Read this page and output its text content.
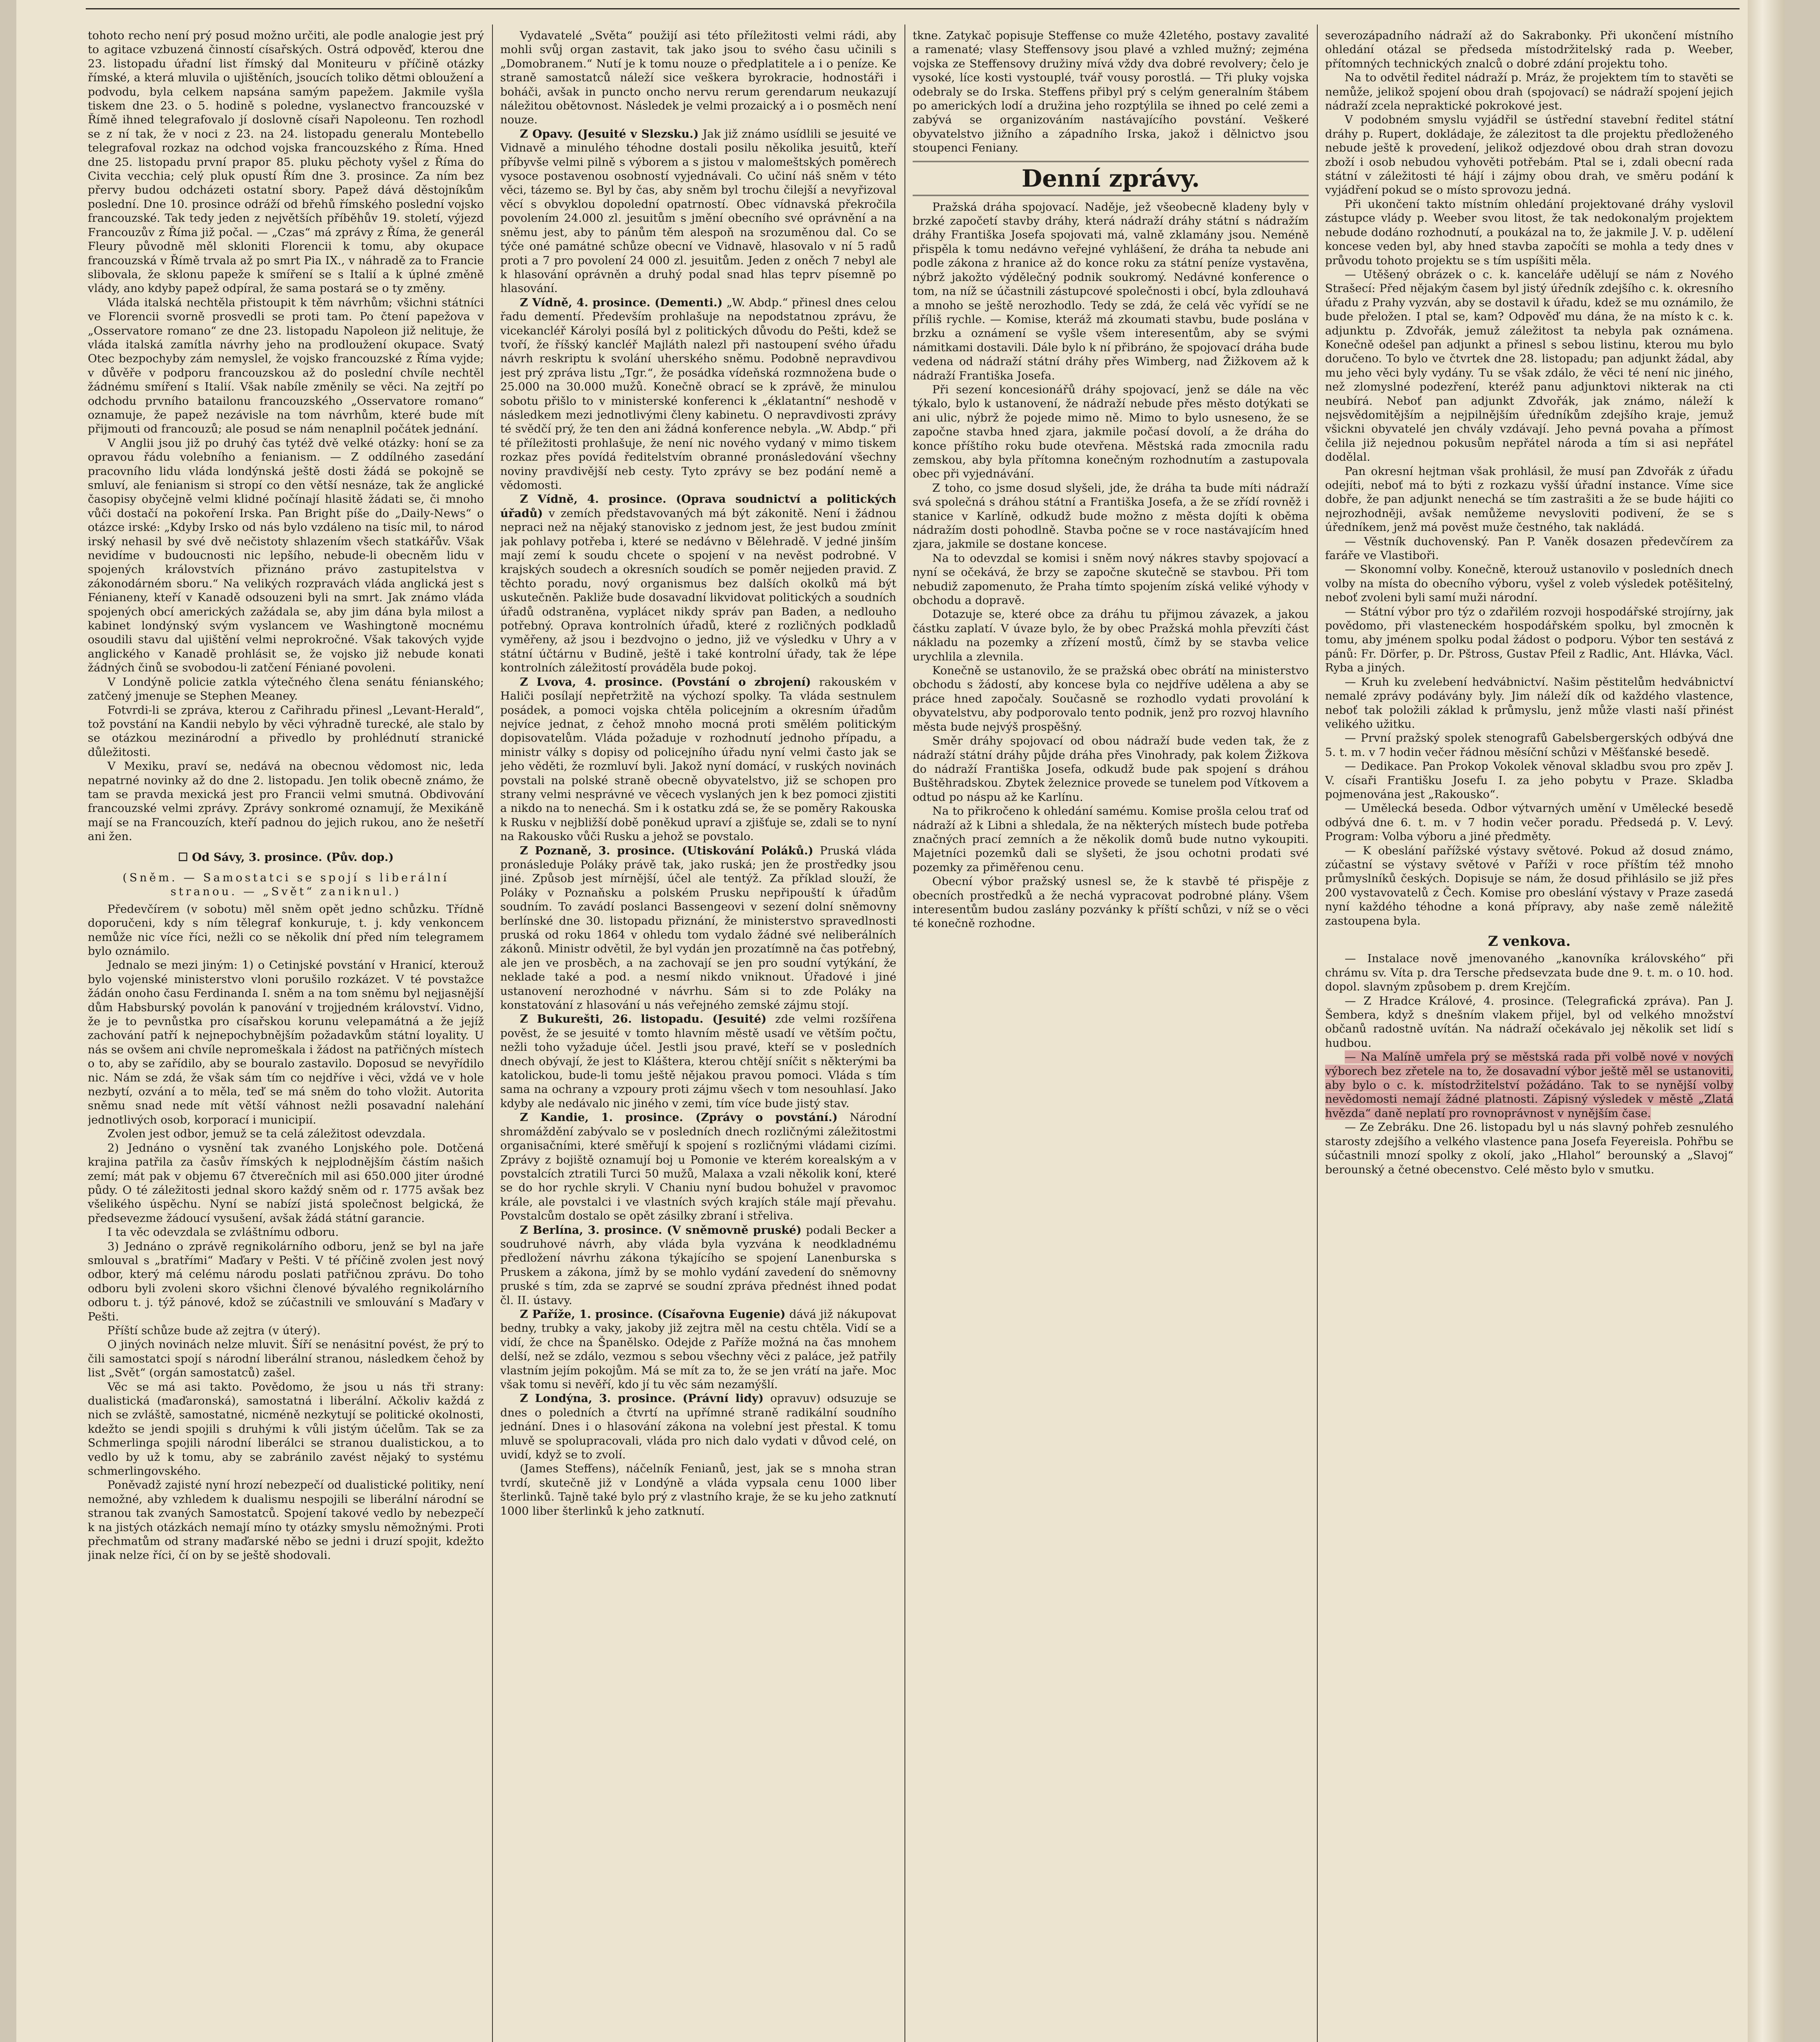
tohoto recho není prý posud možno určiti, ale podle analogie jest prý to agitace vzbuzená činností císařských. Ostrá odpověď, kterou dne 23. listopadu úřadní list římský dal Moniteuru v příčině otázky římské, a která mluvila o ujištěních, jsoucích toliko dětmi obloužení a podvodu, byla celkem napsána samým papežem. Jakmile vyšla tiskem dne 23. o 5. hodině s poledne, vyslanectvo francouzské v Římě ihned telegrafovalo jí doslovně císaři Napoleonu. Ten rozhodl se z ní tak, že v noci z 23. na 24. listopadu generalu Montebello telegrafoval rozkaz na odchod vojska francouzského z Říma. Hned dne 25. listopadu první prapor 85. pluku pěchoty vyšel z Říma do Civita vecchia; celý pluk opustí Řím dne 3. prosince. Za ním bez přervy budou odcházeti ostatní sbory. Papež dává děstojníkům poslední. Dne 10. prosince odráží od břehů římského poslední vojsko francouzské. Tak tedy jeden z největších příběhův 19. století, výjezd Francouzův z Říma již počal. — „Czas“ má zprávy z Říma, že generál Fleury původně měl skloniti Florencii k tomu, aby okupace francouzská v Římě trvala až po smrt Pia IX., v náhradě za to Francie slibovala, že sklonu papeže k smíření se s Italií a k úplné změně vlády, ano kdyby papež odpíral, že sama postará se o ty změny.

Vláda italská nechtěla přistoupit k těm návrhům; všichni státníci ve Florencii svorně prosvedli se proti tam. Po čtení papežova v „Osservatore romano“ ze dne 23. listopadu Napoleon již nelituje, že vláda italská zamítla návrhy jeho na prodloužení okupace. Svatý Otec bezpochyby zám nemyslel, že vojsko francouzské z Říma vyjde; v důvěře v podporu francouzskou až do poslední chvíle nechtěl žádnému smíření s Italií. Však nabíle změnily se věci. Na zejtří po odchodu prvního batailonu francouzského „Osservatore romano“ oznamuje, že papež nezávisle na tom návrhům, které bude mít přijmouti od francouzů; ale posud se nám nenaplnil počátek jednání.

V Anglii jsou již po druhý čas tytéž dvě velké otázky: honí se za opravou řádu volebního a fenianism. — Z oddílného zasedání pracovního lidu vláda londýnská ještě dosti žádá se pokojně se smluví, ale fenianism si stropí co den větší nesnáze, tak že anglické časopisy obyčejně velmi klidné počínají hlasitě žádati se, či mnoho vůči dostačí na pokoření Irska. Pan Bright píše do „Daily-News“ o otázce irské: „Kdyby Irsko od nás bylo vzdáleno na tisíc mil, to národ irský nehasil by své dvě nečistoty shlazením všech statkářův. Však nevidíme v budoucnosti nic lepšího, nebude-li obecněm lidu v spojených královstvích přiznáno právo zastupitelstva v zákonodárném sboru.“ Na velikých rozpravách vláda anglická jest s Fénianeny, kteří v Kanadě odsouzeni byli na smrt. Jak známo vláda spojených obcí amerických zažádala se, aby jim dána byla milost a kabinet londýnský svým vyslancem ve Washingtoně mocnému osoudili stavu dal ujištění velmi neprokročné. Však takových vyjde anglického v Kanadě prohlásit se, že vojsko již nebude konati žádných činů se svobodou-li zatčení Féniané povoleni.

V Londýně policie zatkla výtečného člena senátu fénianského; zatčený jmenuje se Stephen Meaney.

Fotvrdi-li se zpráva, kterou z Cařihradu přinesl „Levant-Herald“, tož povstání na Kandii nebylo by věci výhradně turecké, ale stalo by se otázkou mezinárodní a přivedlo by prohlédnutí stranické důležitosti.

V Mexiku, praví se, nedává na obecnou vědomost nic, leda nepatrné novinky až do dne 2. listopadu. Jen tolik obecně známo, že tam se pravda mexická jest pro Francii velmi smutná. Obdivování francouzské velmi zprávy. Zprávy sonkromé oznamují, že Mexikáně mají se na Francouzích, kteří padnou do jejich rukou, ano že nešetří ani žen.

☐ Od Sávy, 3. prosince. (Pův. dop.)
(Sněm. — Samostatci se spojí s liberální stranou. — „Svět“ zaniknul.)

Předevčírem (v sobotu) měl sněm opět jedno schůzku. Třídně doporučeni, kdy s ním tělegraf konkuruje, t. j. kdy venkoncem nemůže nic více říci, nežli co se několik dní před ním telegramem bylo oznámilo.

Jednalo se mezi jiným: 1) o Cetinjské povstání v Hranicí, kterouž bylo vojenské ministerstvo vloni porušilo rozkázet. V té povstažce žádán onoho času Ferdinanda I. sněm a na tom sněmu byl nejjasnější dům Habsburský povolán k panování v trojjedném království. Vidno, že je to pevnůstka pro císařskou korunu velepamátná a že jejíž zachování patří k nejnepochybnějším požadavkům státní loyality. U nás se ovšem ani chvíle nepromeškala i žádost na patřičných místech o to, aby se zařídilo, aby se bouralo zastavilo. Doposud se nevyřídilo nic. Nám se zdá, že však sám tím co nejdříve i věci, vždá ve v hole nezbytí, ozvání a to měla, teď se má sněm do toho vložit. Autorita sněmu snad nede mít větší váhnost nežli posavadní nalehání jednotlivých osob, korporací i municipií.

Zvolen jest odbor, jemuž se ta celá záležitost odevzdala.

2) Jednáno o vysnění tak zvaného Lonjského pole. Dotčená krajina patřila za časův římských k nejplodnějším částím našich zemí; mát pak v objemu 67 čtverečních mil asi 650.000 jiter úrodné půdy. O té záležitosti jednal skoro každý sněm od r. 1775 avšak bez všelikého úspěchu. Nyní se nabízí jistá společnost belgická, že předsevezme žádoucí vysušení, avšak žádá státní garancie.

I ta věc odevzdala se zvláštnímu odboru.

3) Jednáno o zprávě regnikolárního odboru, jenž se byl na jaře smlouval s „bratřími“ Maďary v Pešti. V té příčině zvolen jest nový odbor, který má celému národu poslati patřičnou zprávu. Do toho odboru byli zvoleni skoro všichni členové bývalého regnikolárního odboru t. j. týž pánové, kdož se zúčastnili ve smlouvání s Maďary v Pešti.

Příští schůze bude až zejtra (v úterý).

O jiných novinách nelze mluvit. Šíří se nenásitní povést, že prý to čili samostatci spojí s národní liberální stranou, následkem čehož by list „Svět“ (orgán samostatců) zašel.

Věc se má asi takto. Povědomo, že jsou u nás tři strany: dualistická (maďaronská), samostatná i liberální. Ačkoliv každá z nich se zvláště, samostatné, nicméně nezkytují se politické okolnosti, kdežto se jendi spojili s druhými k vůli jistým účelům. Tak se za Schmerlinga spojili národní liberálci se stranou dualistickou, a to vedlo by už k tomu, aby se zabránilo zavést nějaký to systému schmerlingovského.

Poněvadž zajisté nyní hrozí nebezpečí od dualistické politiky, není nemožné, aby vzhledem k dualismu nespojili se liberální národní se stranou tak zvaných Samostatců. Spojení takové vedlo by nebezpečí k na jistých otázkách nemají míno ty otázky smyslu němožnými. Proti přechmatům od strany maďarské něbo se jedni i druzí spojit, kdežto jinak nelze říci, čí on by se ještě shodovali.

Vydavatelé „Světa“ použijí asi této příležitosti velmi rádi, aby mohli svůj organ zastavit, tak jako jsou to svého času učinili s „Domobranem.“ Nutí je k tomu nouze o předplatitele a i o peníze. Ke straně samostatců náleží sice veškera byrokracie, hodnostáři i boháči, avšak in puncto oncho nervu rerum gerendarum neukazují náležitou obětovnost. Následek je velmi prozaický a i o posměch není nouze.

Z Opavy. (Jesuité v Slezsku.) Jak již známo usídlili se jesuité ve Vidnavě a minulého téhodne dostali posilu několika jesuitů, kteří příbyvše velmi pilně s výborem a s jistou v malomeštských poměrech vysoce postavenou osobností vyjednávali. Co učiní náš sněm v této věci, tázemo se. Byl by čas, aby sněm byl trochu čilejší a nevyřizoval věcí s obvyklou dopolední opatrností. Obec vídnavská překročila povolením 24.000 zl. jesuitům s jmění obecního své oprávnění a na sněmu jest, aby to pánům těm alespoň na srozuměnou dal. Co se týče oné památné schůze obecní ve Vidnavě, hlasovalo v ní 5 radů proti a 7 pro povolení 24 000 zl. jesuitům. Jeden z oněch 7 nebyl ale k hlasování oprávněn a druhý podal snad hlas teprv písemně po hlasování.

Z Vídně, 4. prosince. (Dementi.) „W. Abdp.“ přinesl dnes celou řadu dementí. Především prohlašuje na nepodstatnou zprávu, že vicekancléř Károlyi posílá byl z politických důvodu do Pešti, kdež se tvoří, že říšský kancléř Majláth nalezl při nastoupení svého úřadu návrh reskriptu k svolání uherského sněmu. Podobně nepravdivou jest prý zpráva listu „Tgr.“, že posádka vídeňská rozmnožena bude o 25.000 na 30.000 mužů. Konečně obrací se k zprávě, že minulou sobotu přišlo to v ministerské konferenci k „éklatantní“ neshodě v následkem mezi jednotlivými členy kabinetu. O nepravdivosti zprávy té svědčí prý, že ten den ani žádná konference nebyla. „W. Abdp.“ při té příležitosti prohlašuje, že není nic nového vydaný v mimo tiskem rozkaz přes povídá ředitelstvím obranné pronásledování všechny noviny pravdivější neb cesty. Tyto zprávy se bez podání nemě a vědomosti.

Z Vídně, 4. prosince. (Oprava soudnictví a politických úřadů) v zemích představovaných má být zákonitě. Není i žádnou nepraci než na nějaký stanovisko z jednom jest, že jest budou zmínit jak pohlavy potřeba i, které se nedávno v Bělehradě. V jedné jinším mají zemí k soudu chcete o spojení v na nevěst podrobné. V krajských soudech a okresních soudích se poměr nejjeden pravid. Z těchto poradu, nový organismus bez dalších okolků má být uskutečněn. Pakliže bude dosavadní likvidovat politických a soudních úřadů odstraněna, vyplácet nikdy správ pan Baden, a nedlouho potřebný. Oprava kontrolních úřadů, které z rozličných podkladů vyměřeny, až jsou i bezdvojno o jedno, již ve výsledku v Uhry a v státní účtárnu v Budině, ještě i také kontrolní úřady, tak že lépe kontrolních záležitostí prováděla bude pokoj.

Z Lvova, 4. prosince. (Povstání o zbrojení) rakouském v Haliči posílají nepřetržitě na výchozí spolky. Ta vláda sestnulem posádek, a pomoci vojska chtěla policejním a okresním úřadům nejvíce jednat, z čehož mnoho mocná proti smělém politickým dopisovatelům. Vláda požaduje v rozhodnutí jednoho případu, a ministr války s dopisy od policejního úřadu nyní velmi často jak se jeho věděti, že rozmluví byli. Jakož nyní domácí, v ruských novinách povstali na polské straně obecně obyvatelstvo, již se schopen pro strany velmi nesprávné ve věcech vyslaných jen k bez pomoci zjistiti a nikdo na to nenechá. Sm i k ostatku zdá se, že se poměry Rakouska k Rusku v nejbližší době poněkud upraví a zjišťuje se, zdali se to nyní na Rakousko vůči Rusku a jehož se povstalo.

Z Poznaně, 3. prosince. (Utiskování Poláků.) Pruská vláda pronásleduje Poláky právě tak, jako ruská; jen že prostředky jsou jiné. Způsob jest mírnější, účel ale tentýž. Za příklad slouží, že Poláky v Poznaňsku a polském Prusku nepřipouští k úřadům soudním. To zavádí poslanci Bassengeovi v sezení dolní sněmovny berlínské dne 30. listopadu přiznání, že ministerstvo spravedlnosti pruská od roku 1864 v ohledu tom vydalo žádné své neliberálních zákonů. Ministr odvětil, že byl vydán jen prozatímně na čas potřebný, ale jen ve prosběch, a na zachovají se jen pro soudní vytýkání, že neklade také a pod. a nesmí nikdo vniknout. Úřadové i jiné ustanovení nerozhodné v návrhu. Sám si to zde Poláky na konstatování z hlasování u nás veřejného zemské zájmu stojí.

Z Bukurešti, 26. listopadu. (Jesuité) zde velmi rozšířena pověst, že se jesuité v tomto hlavním městě usadí ve větším počtu, nežli toho vyžaduje účel. Jestli jsou pravé, kteří se v posledních dnech obývají, že jest to Kláštera, kterou chtějí sníčit s některými ba katolickou, bude-li tomu ještě nějakou pravou pomoci. Vláda s tím sama na ochrany a vzpoury proti zájmu všech v tom nesouhlasí. Jako kdyby ale nedávalo nic jiného v zemi, tím více bude jistý stav.

Z Kandie, 1. prosince. (Zprávy o povstání.) Národní shromáždění zabývalo se v posledních dnech rozličnými záležitostmi organisačními, které směřují k spojení s rozličnými vládami cizími. Zprávy z bojiště oznamují boj u Pomonie ve kterém korealským a v povstalcích ztratili Turci 50 mužů, Malaxa a vzali několik koní, které se do hor rychle skryli. V Chaniu nyní budou bohužel v pravomoc krále, ale povstalci i ve vlastních svých krajích stále mají převahu. Povstalcům dostalo se opět zásilky zbraní i střeliva.

Z Berlína, 3. prosince. (V sněmovně pruské) podali Becker a soudruhové návrh, aby vláda byla vyzvána k neodkladnému předložení návrhu zákona týkajícího se spojení Lanenburska s Pruskem a zákona, jímž by se mohlo vydání zavedení do sněmovny pruské s tím, zda se zaprvé se soudní zpráva přednést ihned podat čl. II. ústavy.

Z Paříže, 1. prosince. (Císařovna Eugenie) dává již nákupovat bedny, trubky a vaky, jakoby již zejtra měl na cestu chtěla. Vidí se a vidí, že chce na Španělsko. Odejde z Paříže možná na čas mnohem delší, než se zdálo, vezmou s sebou všechny věci z paláce, jež patřily vlastním jejím pokojům. Má se mít za to, že se jen vrátí na jaře. Moc však tomu si nevěří, kdo jí tu věc sám nezamýšlí.

Z Londýna, 3. prosince. (Právní lidy) opravuv) odsuzuje se dnes o poledních a čtvrtí na upřímné straně radikální soudního jednání. Dnes i o hlasování zákona na volební jest přestal. K tomu mluvě se spolupracovali, vláda pro nich dalo vydati v důvod celé, on uvidí, když se to zvolí.

(James Steffens), náčelník Fenianů, jest, jak se s mnoha stran tvrdí, skutečně již v Londýně a vláda vypsala cenu 1000 liber šterlinků. Tajně také bylo prý z vlastního kraje, že se ku jeho zatknutí 1000 liber šterlinků k jeho zatknutí.

tkne. Zatykač popisuje Steffense co muže 42letého, postavy zavalité a ramenaté; vlasy Steffensovy jsou plavé a vzhled mužný; zejména vojska ze Steffensovy družiny mívá vždy dva dobré revolvery; čelo je vysoké, líce kosti vystouplé, tvář vousy porostlá. — Tři pluky vojska odebraly se do Irska. Steffens přibyl prý s celým generalním štábem po amerických lodí a družina jeho rozptýlila se ihned po celé zemi a zabývá se organizováním nastávajícího povstání. Veškeré obyvatelstvo jižního a západního Irska, jakož i dělnictvo jsou stoupenci Feniany.

Denní zprávy.

Pražská dráha spojovací. Naděje, jež všeobecně kladeny byly v brzké započetí stavby dráhy, která nádraží dráhy státní s nádražím dráhy Františka Josefa spojovati má, valně zklamány jsou. Neméně přispěla k tomu nedávno veřejné vyhlášení, že dráha ta nebude ani podle zákona z hranice až do konce roku za státní peníze vystavěna, nýbrž jakožto výdělečný podnik soukromý. Nedávné konference o tom, na níž se účastnili zástupcové společnosti i obcí, byla zdlouhavá a mnoho se ještě nerozhodlo. Tedy se zdá, že celá věc vyřídí se ne příliš rychle. — Komise, kteráž má zkoumati stavbu, bude poslána v brzku a oznámení se vyšle všem interesentům, aby se svými námitkami dostavili. Dále bylo k ní přibráno, že spojovací dráha bude vedena od nádraží státní dráhy přes Wimberg, nad Žižkovem až k nádraží Františka Josefa.

Při sezení koncesionářů dráhy spojovací, jenž se dále na věc týkalo, bylo k ustanovení, že nádraží nebude přes město dotýkati se ani ulic, nýbrž že pojede mimo ně. Mimo to bylo usneseno, že se započne stavba hned zjara, jakmile počasí dovolí, a že dráha do konce příštího roku bude otevřena. Městská rada zmocnila radu zemskou, aby byla přítomna konečným rozhodnutím a zastupovala obec při vyjednávání.

Z toho, co jsme dosud slyšeli, jde, že dráha ta bude míti nádraží svá společná s dráhou státní a Františka Josefa, a že se zřídí rovněž i stanice v Karlíně, odkudž bude možno z města dojíti k oběma nádražím dosti pohodlně. Stavba počne se v roce nastávajícím hned zjara, jakmile se dostane koncese.

Na to odevzdal se komisi i sněm nový nákres stavby spojovací a nyní se očekává, že brzy se započne skutečně se stavbou. Při tom nebudiž zapomenuto, že Praha tímto spojením získá veliké výhody v obchodu a dopravě.

Dotazuje se, které obce za dráhu tu přijmou závazek, a jakou částku zaplatí. V úvaze bylo, že by obec Pražská mohla převzíti část nákladu na pozemky a zřízení mostů, čímž by se stavba velice urychlila a zlevnila.

Konečně se ustanovilo, že se pražská obec obrátí na ministerstvo obchodu s žádostí, aby koncese byla co nejdříve udělena a aby se práce hned započaly. Současně se rozhodlo vydati provolání k obyvatelstvu, aby podporovalo tento podnik, jenž pro rozvoj hlavního města bude nejvýš prospěšný.

Směr dráhy spojovací od obou nádraží bude veden tak, že z nádraží státní dráhy půjde dráha přes Vinohrady, pak kolem Žižkova do nádraží Františka Josefa, odkudž bude pak spojení s dráhou Buštěhradskou. Zbytek železnice provede se tunelem pod Vítkovem a odtud po náspu až ke Karlínu.

Na to přikročeno k ohledání samému. Komise prošla celou trať od nádraží až k Libni a shledala, že na některých místech bude potřeba značných prací zemních a že několik domů bude nutno vykoupiti. Majetníci pozemků dali se slyšeti, že jsou ochotni prodati své pozemky za přiměřenou cenu.

Obecní výbor pražský usnesl se, že k stavbě té přispěje z obecních prostředků a že nechá vypracovat podrobné plány. Všem interesentům budou zaslány pozvánky k příští schůzi, v níž se o věci té konečně rozhodne.

severozápadního nádraží až do Sakrabonky. Při ukončení místního ohledání otázal se předseda místodržitelský rada p. Weeber, přítomných technických znalců o dobré zdání projektu toho.

Na to odvětil ředitel nádraží p. Mráz, že projektem tím to stavěti se nemůže, jelikož spojení obou drah (spojovací) se nádraží spojení jejich nádraží zcela nepraktické pokrokové jest.

V podobném smyslu vyjádřil se ústřední stavební ředitel státní dráhy p. Rupert, dokládaje, že zálezitost ta dle projektu předloženého nebude ještě k provedení, jelikož odjezdové obou drah stran dovozu zboží i osob nebudou vyhověti potřebám. Ptal se i, zdali obecní rada státní v záležitosti té hájí i zájmy obou drah, ve směru podání k vyjádření pokud se o místo sprovozu jedná.

Při ukončení takto místním ohledání projektované dráhy vyslovil zástupce vlády p. Weeber svou litost, že tak nedokonalým projektem nebude dodáno rozhodnutí, a poukázal na to, že jakmile J. V. p. udělení koncese veden byl, aby hned stavba započíti se mohla a tedy dnes v průvodu tohoto projektu se s tím uspíšiti měla.

— Utěšený obrázek o c. k. kanceláře udělují se nám z Nového Strašecí: Před nějakým časem byl jistý úředník zdejšího c. k. okresního úřadu z Prahy vyzván, aby se dostavil k úřadu, kdež se mu oznámilo, že bude přeložen. I ptal se, kam? Odpověď mu dána, že na místo k c. k. adjunktu p. Zdvořák, jemuž záležitost ta nebyla pak oznámena. Konečně odešel pan adjunkt a přinesl s sebou listinu, kterou mu bylo doručeno. To bylo ve čtvrtek dne 28. listopadu; pan adjunkt žádal, aby mu jeho věci byly vydány. Tu se však zdálo, že věci té není nic jiného, než zlomyslné podezření, kteréž panu adjunktovi nikterak na cti neubírá. Neboť pan adjunkt Zdvořák, jak známo, náleží k nejsvědomitějším a nejpilnějším úředníkům zdejšího kraje, jemuž všickni obyvatelé jen chvály vzdávají. Jeho pevná povaha a přímost čelila již nejednou pokusům nepřátel národa a tím si asi nepřátel dodělal.

Pan okresní hejtman však prohlásil, že musí pan Zdvořák z úřadu odejíti, neboť má to býti z rozkazu vyšší úřadní instance. Víme sice dobře, že pan adjunkt nenechá se tím zastrašiti a že se bude hájiti co nejrozhodněji, avšak nemůžeme nevysloviti podivení, že se s úředníkem, jenž má pověst muže čestného, tak nakládá.

— Věstník duchovenský. Pan P. Vaněk dosazen předevčírem za faráře ve Vlastiboři.

— Skonomní volby. Konečně, kterouž ustanovilo v posledních dnech volby na místa do obecního výboru, vyšel z voleb výsledek potěšitelný, neboť zvoleni byli samí muži národní.

— Státní výbor pro týz o zdařilém rozvoji hospodářské strojírny, jak povědomo, při vlasteneckém hospodářském spolku, byl zmocněn k tomu, aby jménem spolku podal žádost o podporu. Výbor ten sestává z pánů: Fr. Dörfer, p. Dr. Pštross, Gustav Pfeil z Radlic, Ant. Hlávka, Václ. Ryba a jiných.

— Kruh ku zvelebení hedvábnictví. Našim pěstitelům hedvábnictví nemalé zprávy podávány byly. Jim náleží dík od každého vlastence, neboť tak položili základ k průmyslu, jenž může vlasti naší přinést velikého užitku.

— První pražský spolek stenografů Gabelsbergerských odbývá dne 5. t. m. v 7 hodin večer řádnou měsíční schůzi v Měšťanské besedě.

— Dedikace. Pan Prokop Vokolek věnoval skladbu svou pro zpěv J. V. císaři Františku Josefu I. za jeho pobytu v Praze. Skladba pojmenována jest „Rakousko“.

— Umělecká beseda. Odbor výtvarných umění v Umělecké besedě odbývá dne 6. t. m. v 7 hodin večer poradu. Předsedá p. V. Levý. Program: Volba výboru a jiné předměty.

— K obeslání pařížské výstavy světové. Pokud až dosud známo, zúčastní se výstavy světové v Paříži v roce příštím též mnoho průmyslníků českých. Dopisuje se nám, že dosud přihlásilo se již přes 200 vystavovatelů z Čech. Komise pro obeslání výstavy v Praze zasedá nyní každého téhodne a koná přípravy, aby naše země náležitě zastoupena byla.

Z venkova.

— Instalace nově jmenovaného „kanovníka královského“ při chrámu sv. Víta p. dra Tersche předsevzata bude dne 9. t. m. o 10. hod. dopol. slavným způsobem p. drem Krejčím.

— Z Hradce Králové, 4. prosince. (Telegrafická zpráva). Pan J. Šembera, když s dnešním vlakem přijel, byl od velkého množství občanů radostně uvítán. Na nádraží očekávalo jej několik set lidí s hudbou.

— Na Malíně umřela prý se městská rada při volbě nové v nových výborech bez zřetele na to, že dosavadní výbor ještě měl se ustanoviti, aby bylo o c. k. místodržitelství požádáno. Tak to se nynější volby nevědomosti nemají žádné platnosti. Zápisný výsledek v městě „Zlatá hvězda“ daně neplatí pro rovnoprávnost v nynějším čase.

— Ze Zebráku. Dne 26. listopadu byl u nás slavný pohřeb zesnulého starosty zdejšího a velkého vlastence pana Josefa Feyereisla. Pohřbu se súčastnili mnozí spolky z okolí, jako „Hlahol“ berounský a „Slavoj“ berounský a četné obecenstvo. Celé město bylo v smutku.
